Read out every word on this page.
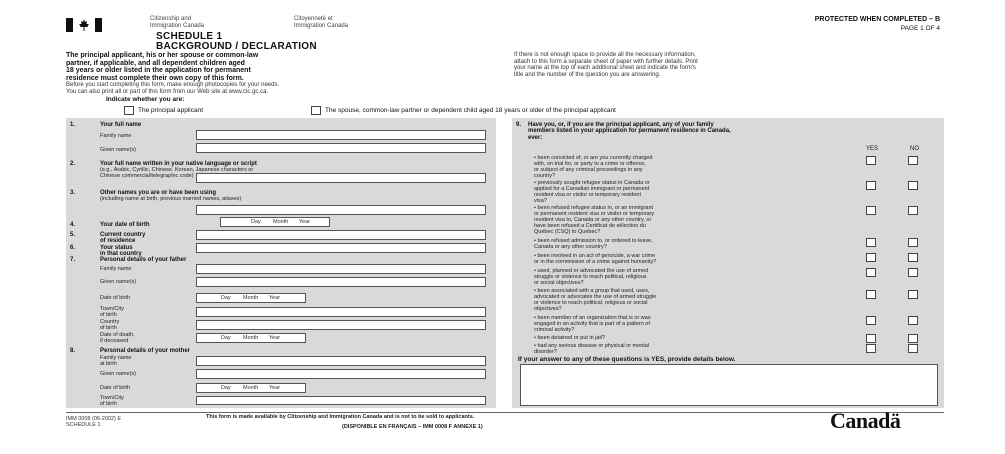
Citizenship and
Immigration Canada
Citoyenneté et
Immigration Canada
SCHEDULE 1
BACKGROUND / DECLARATION
PROTECTED WHEN COMPLETED – B
PAGE 1 OF 4
The principal applicant, his or her spouse or common-law
partner, if applicable, and all dependent children aged
18 years or older listed in the application for permanent
residence must complete their own copy of this form.
If there is not enough space to provide all the necessary information,
attach to this form a separate sheet of paper with further details. Print
your name at the top of each additional sheet and indicate the form's
title and the number of the question you are answering.
Before you start completing this form, make enough photocopies for your needs.
You can also print all or part of this form from our Web site at www.cic.gc.ca.
Indicate whether you are:
The principal applicant	The spouse, common-law partner or dependent child aged 18 years or older of the principal applicant
1.	Your full name
Family name
Given name(s)
2.	Your full name written in your native language or script
(e.g., Arabic, Cyrillic, Chinese, Korean, Japanese characters or
Chinese commercial/telegraphic code)
3.	Other names you are or have been using
(including name at birth, previous married names, aliases)
4.	Your date of birth	Day Month Year
5.	Current country
of residence
6.	Your status
in that country
7.	Personal details of your father
Family name
Given name(s)
Date of birth	Day Month Year
Town/City
of birth
Country
of birth
Date of death,
if deceased	Day Month Year
8.	Personal details of your mother
Family name
at birth
Given name(s)
Date of birth	Day Month Year
Town/City
of birth
9. Have you, or, if you are the principal applicant, any of your family
members listed in your application for permanent residence in Canada,
ever:
YES	NO
• been convicted of, or are you currently charged
with, on trial for, or party to a crime or offence,
or subject of any criminal proceedings in any
country?
• previously sought refugee status in Canada or
applied for a Canadian immigrant or permanent
resident visa or visitor or temporary resident
visa?
• been refused refugee status in, or an immigrant
or permanent resident visa or visitor or temporary
resident visa to, Canada or any other country, or
have been refused a Certificat de sélection du
Québec (CSQ) to Quebec?
• been refused admission to, or ordered to leave,
Canada or any other country?
• been involved in an act of genocide, a war crime
or in the commission of a crime against humanity?
• used, planned or advocated the use of armed
struggle or violence to reach political, religious
or social objectives?
• been associated with a group that used, uses,
advocated or advocates the use of armed struggle
or violence to reach political, religious or social
objectives?
• been member of an organization that is or was
engaged in an activity that is part of a pattern of
criminal activity?
• been detained or put in jail?
• had any serious disease or physical or mental
disorder?
If your answer to any of these questions is YES, provide details below.
IMM 0008 (06-2002) E
SCHEDULE 1
This form is made available by Citizenship and Immigration Canada and is not to be sold to applicants.
(DISPONIBLE EN FRANÇAIS – IMM 0008 F ANNEXE 1)	Canadä
